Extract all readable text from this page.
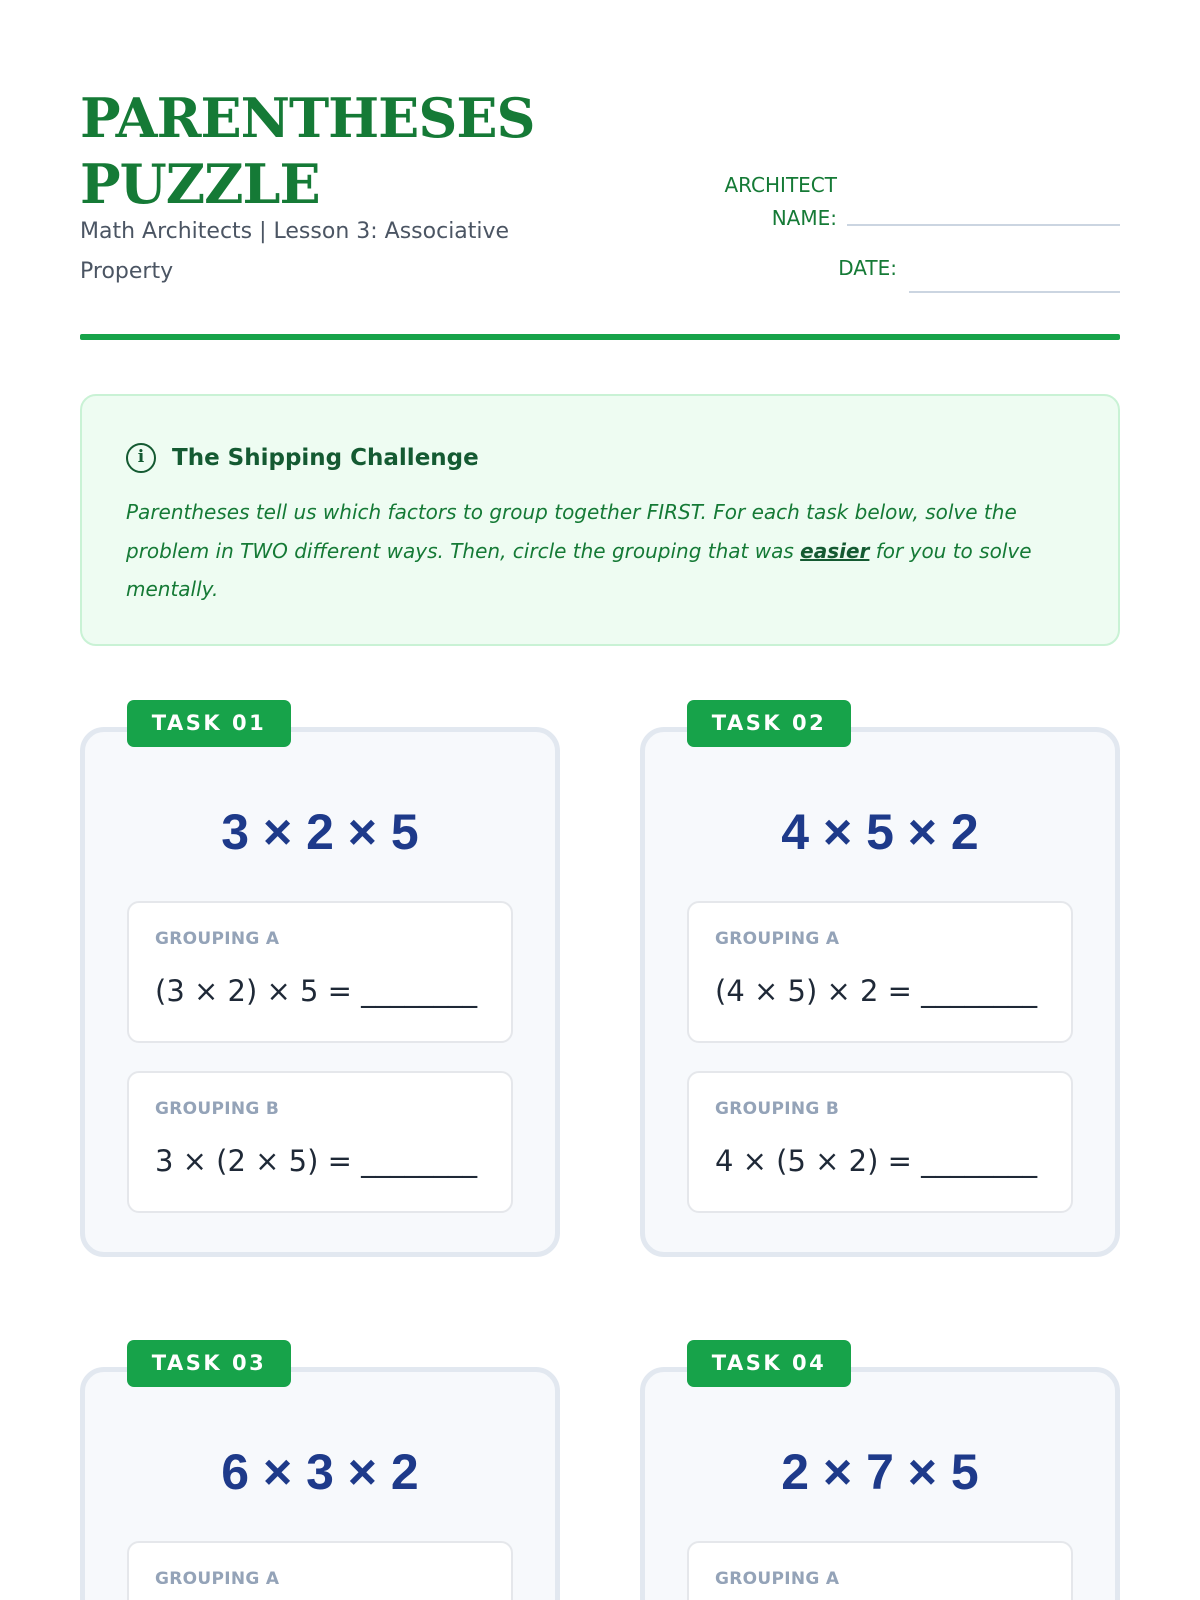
PARENTHESES PUZZLE
Math Architects | Lesson 3: Associative Property
ARCHITECT
NAME:
DATE:
i	The Shipping Challenge
Parentheses tell us which factors to group together FIRST. For each task below, solve the problem in TWO different ways. Then, circle the grouping that was easier for you to solve mentally.
TASK 01
3 × 2 × 5
GROUPING A
(3 × 2) × 5 = ________
GROUPING B
3 × (2 × 5) = ________
TASK 02
4 × 5 × 2
GROUPING A
(4 × 5) × 2 = ________
GROUPING B
4 × (5 × 2) = ________
TASK 03
6 × 3 × 2
GROUPING A
TASK 04
2 × 7 × 5
GROUPING A
